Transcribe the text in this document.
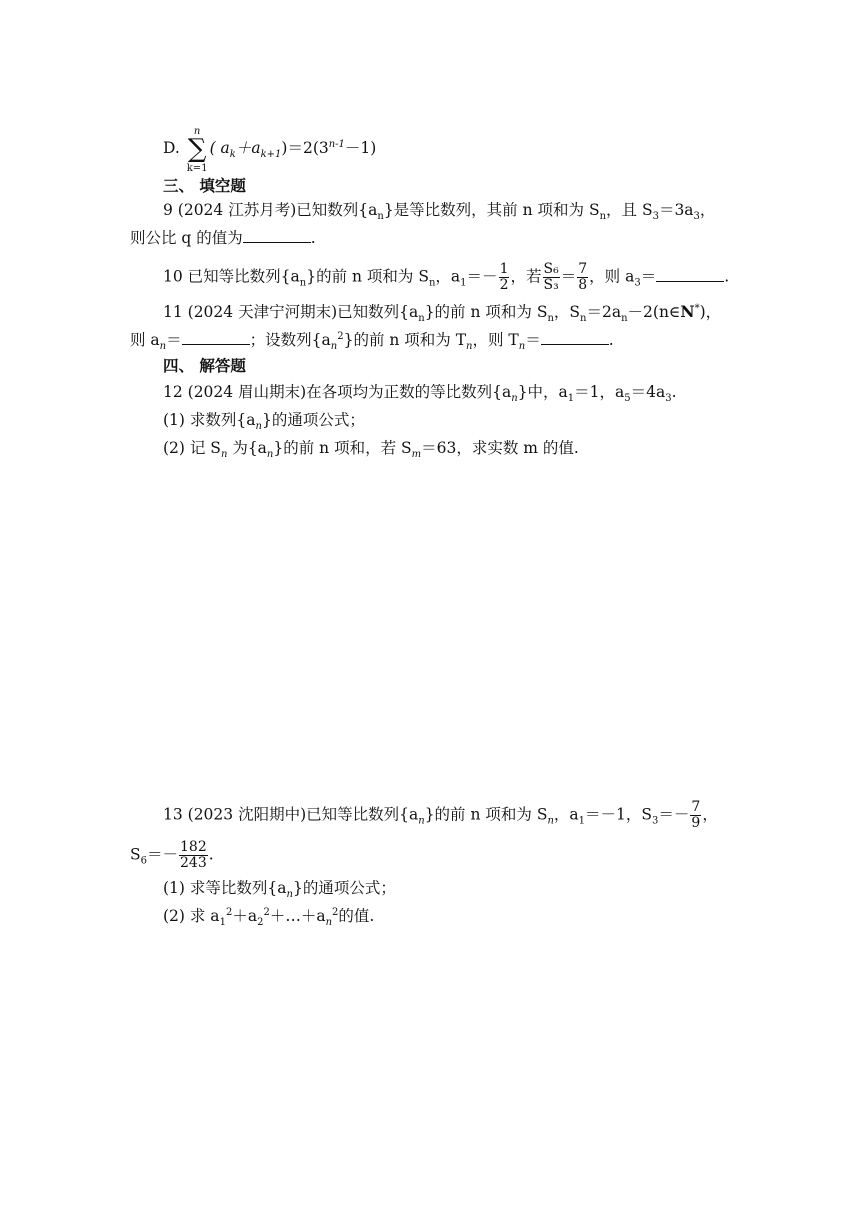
D. n
∑
k=1( $a_k+a_{k+1})=2(3^{n-1}-1)$
三、 填空题
9 (2024 江苏月考)已知数列$\{a_n\}$是等比数列，其前 n 项和为 $S_n$，且 $S_3=3a_3$，
则公比 q 的值为	.
10 已知等比数列$\{a_n\}$的前 n 项和为 $S_n$，$a_1=- \frac{1}{2}$ ，若 $\frac{\text{S₆}}{\text{S₃}} = \frac{7}{8}$ ，则 $a_3=$	.
11 (2024 天津宁河期末)已知数列$\{a_n\}$的前 n 项和为 $S_n$，$S_n=2a_n-2(n\in N^*)$，
则 $a_n=$	；设数列$\{a_n^2\}$的前 n 项和为 $T_n$，则 $T_n=$	.
四、 解答题
12 (2024 眉山期末)在各项均为正数的等比数列$\{a_n\}$中，$a_1=1$，$a_5=4a_3$.
(1) 求数列$\{a_n\}$的通项公式；
(2) 记 $S_n$ 为$\{a_n\}$的前 n 项和，若 $S_m=63$，求实数 m 的值.
13 (2023 沈阳期中)已知等比数列$\{a_n\}$的前 n 项和为 $S_n$，$a_1=-1$，$S_3=- \frac{7}{9}$ ，
$S_6=- \frac{182}{243}$ .
(1) 求等比数列$\{a_n\}$的通项公式；
(2) 求 $a_1^2+a_2^2+\dots+a_n^2$的值.
